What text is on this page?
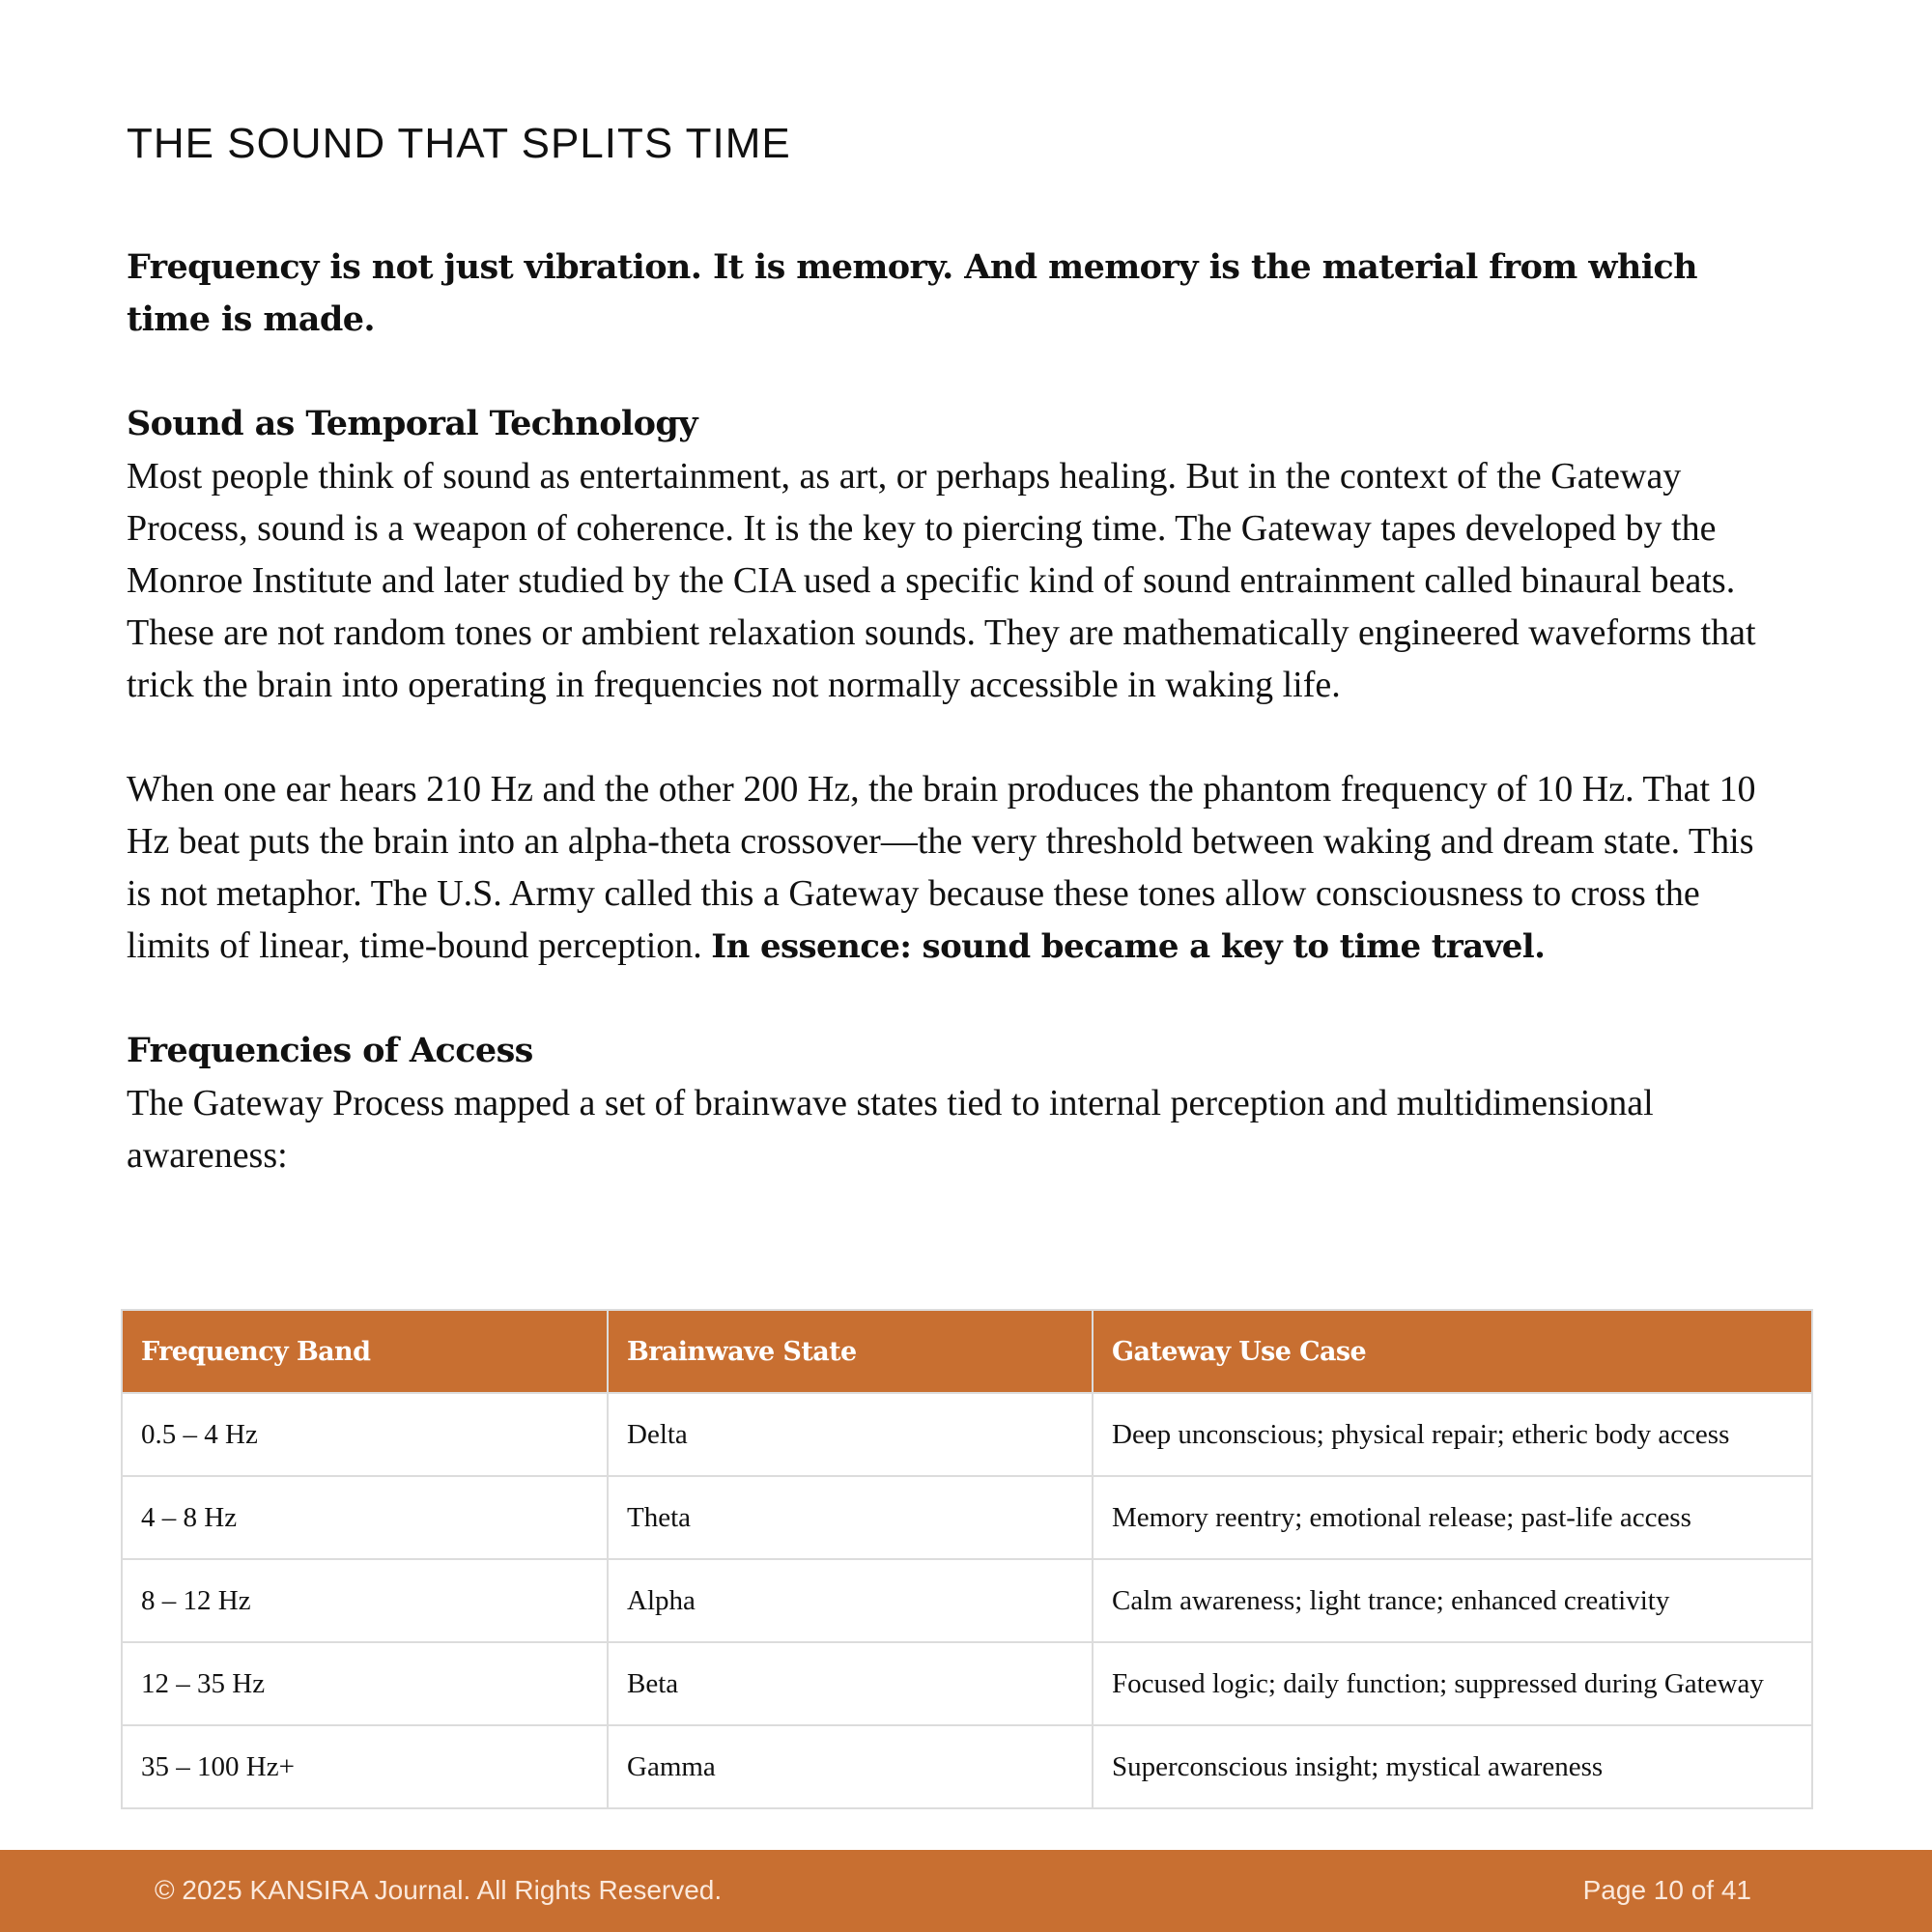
THE SOUND THAT SPLITS TIME

Frequency is not just vibration. It is memory. And memory is the material from which time is made.

Sound as Temporal Technology

Most people think of sound as entertainment, as art, or perhaps healing. But in the context of the Gateway Process, sound is a weapon of coherence. It is the key to piercing time. The Gateway tapes developed by the Monroe Institute and later studied by the CIA used a specific kind of sound entrainment called binaural beats. These are not random tones or ambient relaxation sounds. They are mathematically engineered waveforms that trick the brain into operating in frequencies not normally accessible in waking life.

When one ear hears 210 Hz and the other 200 Hz, the brain produces the phantom frequency of 10 Hz. That 10 Hz beat puts the brain into an alpha-theta crossover—the very threshold between waking and dream state. This is not metaphor. The U.S. Army called this a Gateway because these tones allow consciousness to cross the limits of linear, time-bound perception. In essence: sound became a key to time travel.

Frequencies of Access

The Gateway Process mapped a set of brainwave states tied to internal perception and multidimensional awareness:

Frequency Band	Brainwave State	Gateway Use Case
0.5 – 4 Hz	Delta	Deep unconscious; physical repair; etheric body access
4 – 8 Hz	Theta	Memory reentry; emotional release; past-life access
8 – 12 Hz	Alpha	Calm awareness; light trance; enhanced creativity
12 – 35 Hz	Beta	Focused logic; daily function; suppressed during Gateway
35 – 100 Hz+	Gamma	Superconscious insight; mystical awareness
© 2025 KANSIRA Journal. All Rights Reserved.	Page 10 of 41
